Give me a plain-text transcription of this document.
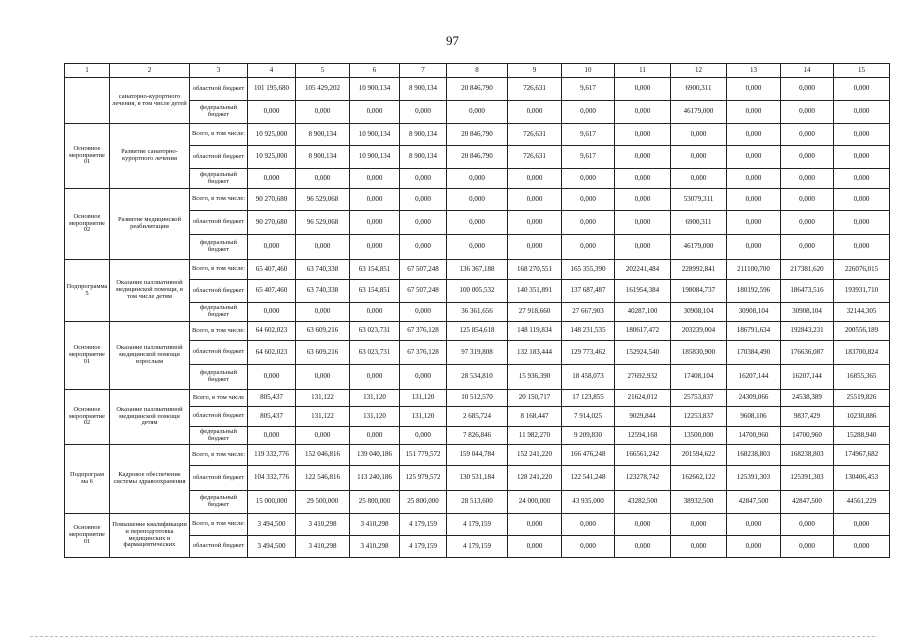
97
1	2	3	4	5	6	7	8	9	10	11	12	13	14	15
	санаторно-курортного лечения, в том числе детей	областной бюджет	101 195,680	105 429,202	10 900,134	8 900,134	20 846,790	726,631	9,617	0,000	6900,311	0,000	0,000	0,000
		федеральный бюджет	0,000	0,000	0,000	0,000	0,000	0,000	0,000	0,000	46179,000	0,000	0,000	0,000
Основное мероприятие 01	Развитие санаторно-курортного лечения	Всего, в том числе:	10 925,000	8 900,134	10 900,134	8 900,134	20 846,790	726,631	9,617	0,000	0,000	0,000	0,000	0,000
		областной бюджет	10 925,000	8 900,134	10 900,134	8 900,134	20 846,790	726,631	9,617	0,000	0,000	0,000	0,000	0,000
		федеральный бюджет	0,000	0,000	0,000	0,000	0,000	0,000	0,000	0,000	0,000	0,000	0,000	0,000
Основное мероприятие 02	Развитие медицинской реабилитации	Всего, в том числе:	90 270,680	96 529,068	0,000	0,000	0,000	0,000	0,000	0,000	53079,311	0,000	0,000	0,000
		областной бюджет	90 270,680	96 529,068	0,000	0,000	0,000	0,000	0,000	0,000	6900,311	0,000	0,000	0,000
		федеральный бюджет	0,000	0,000	0,000	0,000	0,000	0,000	0,000	0,000	46179,000	0,000	0,000	0,000
Подпрограмма 5	Оказание паллиативной медицинской помощи, в том числе детям	Всего, в том числе:	65 407,460	63 740,338	63 154,851	67 507,248	136 367,188	168 270,551	165 355,390	202241,484	228992,841	211100,700	217381,620	226076,015
		областной бюджет	65 407,460	63 740,338	63 154,851	67 507,248	100 005,532	140 351,891	137 687,487	161954,384	198084,737	180192,596	186473,516	193931,710
		федеральный бюджет	0,000	0,000	0,000	0,000	36 361,656	27 918,660	27 667,903	40287,100	30908,104	30908,104	30908,104	32144,305
Основное мероприятие 01	Оказание паллиативной медицинской помощи взрослым	Всего, в том числе:	64 602,023	63 609,216	63 023,731	67 376,128	125 854,618	148 119,834	148 231,535	180617,472	203239,004	186791,634	192843,231	200556,189
		областной бюджет	64 602,023	63 609,216	63 023,731	67 376,128	97 319,808	132 183,444	129 773,462	152924,540	185830,900	170384,490	176636,087	183700,824
		федеральный бюджет	0,000	0,000	0,000	0,000	28 534,810	15 936,390	18 458,073	27692,932	17408,104	16207,144	16207,144	16855,365
Основное мероприятие 02	Оказание паллиативной медицинской помощи детям	Всего, в том числе	805,437	131,122	131,120	131,120	10 512,570	20 150,717	17 123,855	21624,012	25753,837	24309,066	24538,389	25519,826
		областной бюджет	805,437	131,122	131,120	131,120	2 685,724	8 168,447	7 914,025	9029,844	12253,837	9608,106	9837,429	10230,886
		федеральный бюджет	0,000	0,000	0,000	0,000	7 826,846	11 982,270	9 209,830	12594,168	13500,000	14700,960	14700,960	15288,940
Подпрограм ма 6	Кадровое обеспечение системы здравоохранения	Всего, в том числе:	119 332,776	152 046,816	139 040,186	151 779,572	159 044,784	152 241,220	166 476,248	166561,242	201594,622	168238,803	168238,803	174967,682
		областной бюджет	104 332,776	122 546,816	113 240,186	125 979,572	130 531,184	128 241,220	122 541,248	123278,742	162662,122	125391,303	125391,303	130406,453
		федеральный бюджет	15 000,000	29 500,000	25 800,000	25 800,000	28 513,600	24 000,000	43 935,000	43282,500	38932,500	42847,500	42847,500	44561,229
Основное мероприятие 01	Повышение квалификации и переподготовка медицинских и фармацевтических	Всего, в том числе:	3 494,500	3 410,298	3 410,298	4 179,159	4 179,159	0,000	0,000	0,000	0,000	0,000	0,000	0,000
		областной бюджет	3 494,500	3 410,298	3 410,298	4 179,159	4 179,159	0,000	0,000	0,000	0,000	0,000	0,000	0,000
